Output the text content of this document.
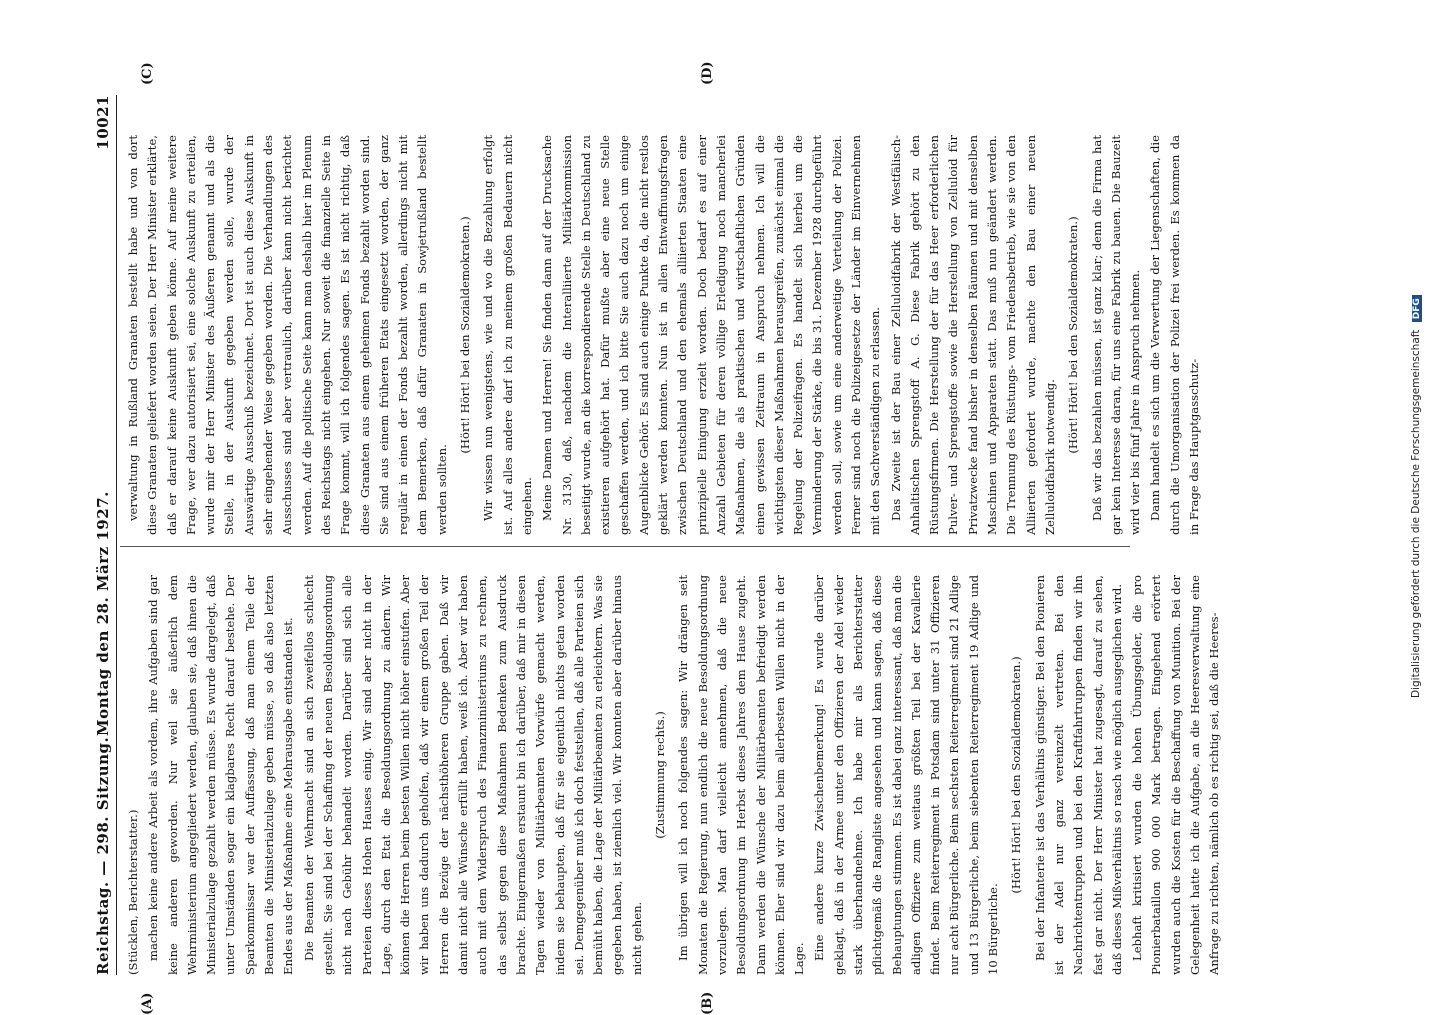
Reichstag. — 298. Sitzung.
Montag den 28. März 1927.  10021

(Stücklen, Berichterstatter.) machen keine andere Arbeit als vordem, ihre Aufgaben sind gar keine anderen geworden. Nur weil sie äußerlich dem Wehrministerium angegliedert werden, glauben sie, daß ihnen die Ministerialzulage gezahlt werden müsse. Es wurde dargelegt, daß unter Umständen sogar ein klagbares Recht darauf bestehe. Der Sparkommissar war der Auffassung, daß man einem Teile der Beamten die Ministerialzulage geben müsse, so daß also letzten Endes aus der Maßnahme eine Mehrausgabe entstanden ist. Die Beamten der Wehrmacht sind an sich zweifellos schlecht gestellt. Sie sind bei der Schaffung der neuen Besoldungsordnung nicht nach Gebühr behandelt worden. Darüber sind sich alle Parteien dieses Hohen Hauses einig. Wir sind aber nicht in der Lage, durch den Etat die Besoldungsordnung zu ändern. Wir können die Herren beim besten Willen nicht höher einstufen. Aber wir haben uns dadurch geholfen, daß wir einem großen Teil der Herren die Bezüge der nächsthöheren Gruppe gaben. Daß wir damit nicht alle Wünsche erfüllt haben, weiß ich. Aber wir haben auch mit dem Widerspruch des Finanzministeriums zu rechnen, das selbst gegen diese Maßnahmen Bedenken zum Ausdruck brachte. Einigermaßen erstaunt bin ich darüber, daß mir in diesen Tagen wieder von Militärbeamten Vorwürfe gemacht werden, indem sie behaupten, daß für sie eigentlich nichts getan worden sei. Demgegenüber muß ich doch feststellen, daß alle Parteien sich bemüht haben, die Lage der Militärbeamten zu erleichtern. Was sie gegeben haben, ist ziemlich viel. Wir konnten aber darüber hinaus nicht gehen.

(Zustimmung rechts.) Im übrigen will ich noch folgendes sagen: Wir drängen seit Monaten die Regierung, nun endlich die neue Besoldungsordnung vorzulegen. Man darf vielleicht annehmen, daß die neue Besoldungsordnung im Herbst dieses Jahres dem Hause zugeht. Dann werden die Wünsche der Militärbeamten befriedigt werden können. Eher sind wir dazu beim allerbesten Willen nicht in der Lage. Eine andere kurze Zwischenbemerkung! Es wurde darüber geklagt, daß in der Armee unter den Offizieren der Adel wieder stark überhandnehme. Ich habe mir als Berichterstatter pflichtgemäß die Rangliste angesehen und kann sagen, daß diese Behauptungen stimmen. Es ist dabei ganz interessant, daß man die adligen Offiziere zum weitaus größten Teil bei der Kavallerie findet. Beim Reiterregiment in Potsdam sind unter 31 Offizieren nur acht Bürgerliche. Beim sechsten Reiterregiment sind 21 Adlige und 13 Bürgerliche, beim siebenten Reiterregiment 19 Adlige und 10 Bürgerliche.

(Hört! Hört! bei den Sozialdemokraten.) Bei der Infanterie ist das Verhältnis günstiger. Bei den Pionieren ist der Adel nur ganz vereinzelt vertreten. Bei den Nachrichtentruppen und bei den Kraftfahrtruppen finden wir ihn fast gar nicht. Der Herr Minister hat zugesagt, darauf zu sehen, daß dieses Mißverhältnis so rasch wie möglich ausgeglichen wird. Lebhaft kritisiert wurden die hohen Übungsgelder, die pro Pionierbataillon 900 000 Mark betragen. Eingehend erörtert wurden auch die Kosten für die Beschaffung von Munition. Bei der Gelegenheit hatte ich die Aufgabe, an die Heeresverwaltung eine Anfrage zu richten, nämlich ob es richtig sei, daß die Heeres-

verwaltung in Rußland Granaten bestellt habe und von dort diese Granaten geliefert worden seien. Der Herr Minister erklärte, daß er darauf keine Auskunft geben könne. Auf meine weitere Frage, wer dazu autorisiert sei, eine solche Auskunft zu erteilen, wurde mir der Herr Minister des Äußeren genannt und als die Stelle, in der Auskunft gegeben werden solle, wurde der Auswärtige Ausschuß bezeichnet. Dort ist auch diese Auskunft in sehr eingehender Weise gegeben worden. Die Verhandlungen des Ausschusses sind aber vertraulich, darüber kann nicht berichtet werden. Auf die politische Seite kann man deshalb hier im Plenum des Reichstags nicht eingehen. Nur soweit die finanzielle Seite in Frage kommt, will ich folgendes sagen. Es ist nicht richtig, daß diese Granaten aus einem geheimen Fonds bezahlt worden sind. Sie sind aus einem früheren Etats eingesetzt worden, der ganz regulär in einen der Fonds bezahlt worden, allerdings nicht mit dem Bemerken, daß dafür Granaten in Sowjetrußland bestellt werden sollten.

(Hört! Hört! bei den Sozialdemokraten.) Wir wissen nun wenigstens, wie und wo die Bezahlung erfolgt ist. Auf alles andere darf ich zu meinem großen Bedauern nicht eingehen. Meine Damen und Herren! Sie finden dann auf der Drucksache Nr. 3130, daß, nachdem die Interalliierte Militärkommission beseitigt wurde, an die korrespondierende Stelle in Deutschland zu existieren aufgehört hat. Dafür mußte aber eine neue Stelle geschaffen werden, und ich bitte Sie auch dazu noch um einige Augenblicke Gehör. Es sind auch einige Punkte da, die nicht restlos geklärt werden konnten. Nun ist in allen Entwaffnungsfragen zwischen Deutschland und den ehemals alliierten Staaten eine prinzipielle Einigung erzielt worden. Doch bedarf es auf einer Anzahl Gebieten für deren völlige Erledigung noch mancherlei Maßnahmen, die als praktischen und wirtschaftlichen Gründen einen gewissen Zeitraum in Anspruch nehmen. Ich will die wichtigsten dieser Maßnahmen herausgreifen, zunächst einmal die Regelung der Polizeifragen. Es handelt sich hierbei um die Verminderung der Stärke, die bis 31. Dezember 1928 durchgeführt werden soll, sowie um eine anderweitige Verteilung der Polizei. Ferner sind noch die Polizeigesetze der Länder im Einvernehmen mit den Sachverständigen zu erlassen. Das Zweite ist der Bau einer Zelluloidfabrik der Westfälisch-Anhaltischen Sprengstoff A. G. Diese Fabrik gehört zu den Rüstungsfirmen. Die Herstellung der für das Heer erforderlichen Pulver- und Sprengstoffe sowie die Herstellung von Zelluloid für Privatzwecke fand bisher in denselben Räumen und mit denselben Maschinen und Apparaten statt. Das muß nun geändert werden. Die Trennung des Rüstungs- vom Friedensbetrieb, wie sie von den Alliierten gefordert wurde, machte den Bau einer neuen Zelluloidfabrik notwendig.

(Hört! Hört! bei den Sozialdemokraten.) Daß wir das bezahlen müssen, ist ganz klar; denn die Firma hat gar kein Interesse daran, für uns eine Fabrik zu bauen. Die Bauzeit wird vier bis fünf Jahre in Anspruch nehmen. Dann handelt es sich um die Verwertung der Liegenschaften, die durch die Umorganisation der Polizei frei werden. Es kommen da in Frage das Hauptgasschutz-

(A)	(B)
(C)	(D)
Digitalisierung gefördert durch die Deutsche Forschungsgemeinschaft DFG
